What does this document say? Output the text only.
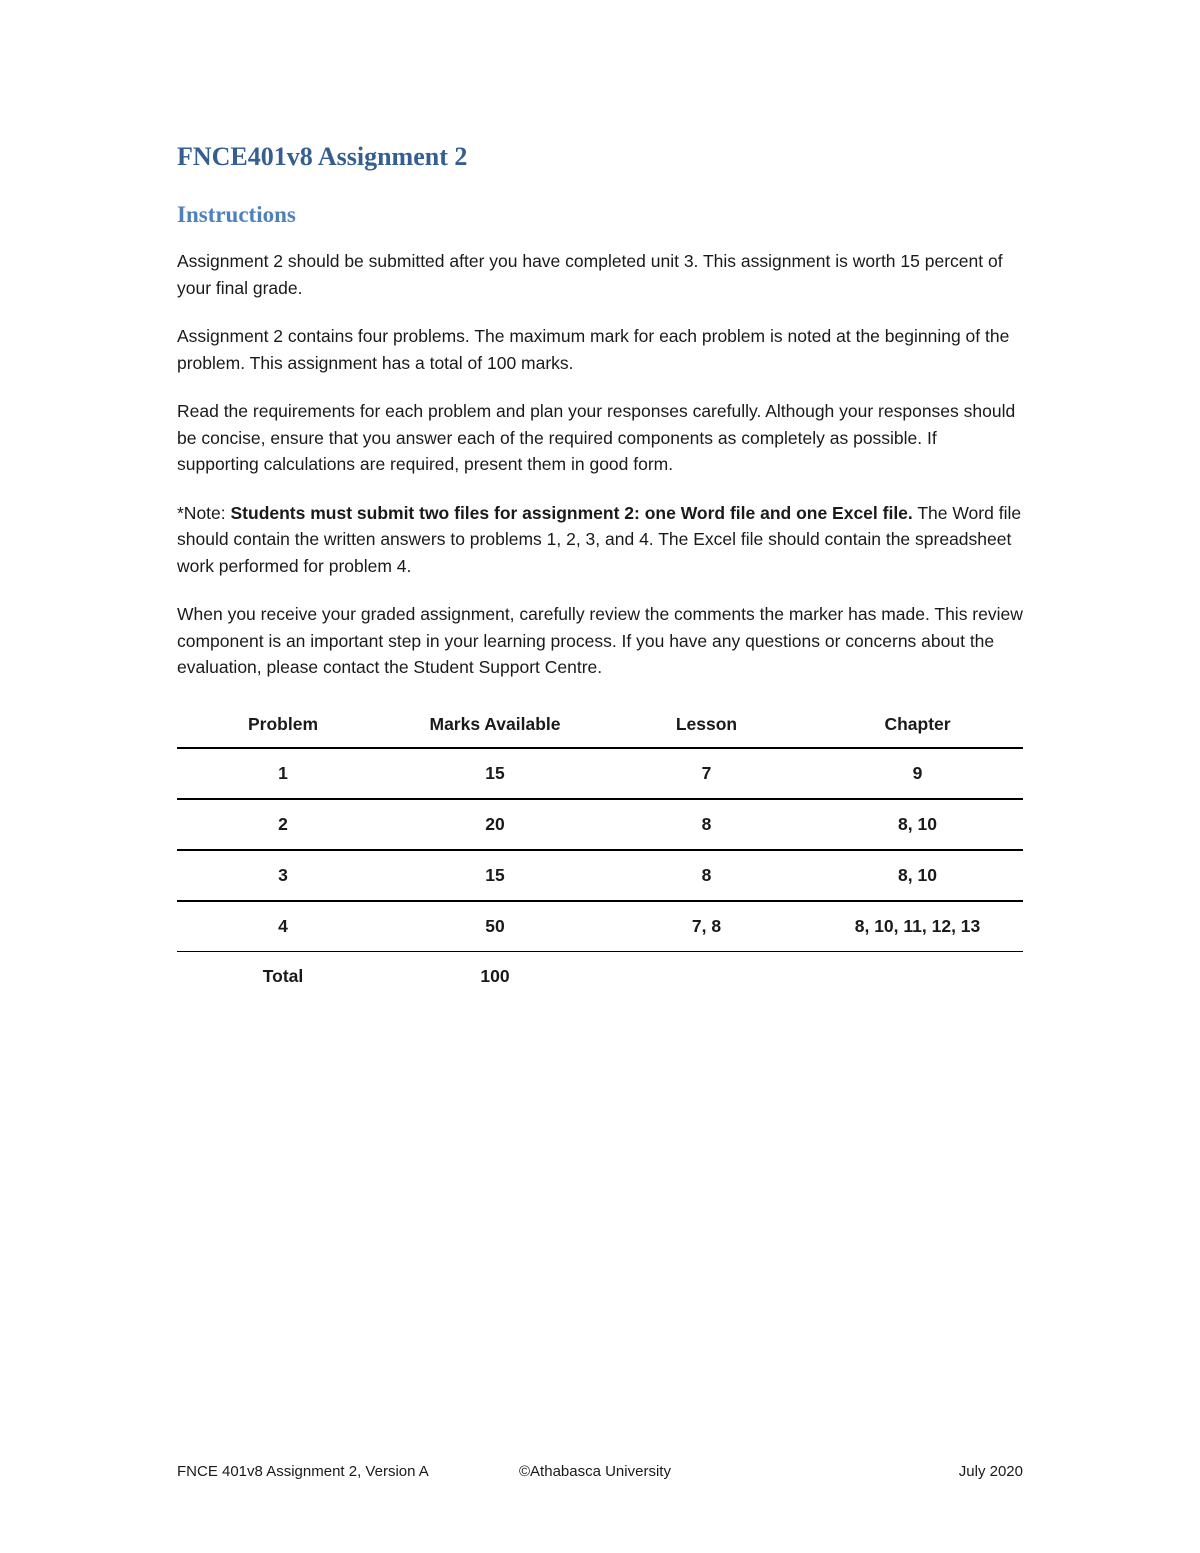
FNCE401v8 Assignment 2
Instructions

Assignment 2 should be submitted after you have completed unit 3. This assignment is worth 15 percent of your final grade.

Assignment 2 contains four problems. The maximum mark for each problem is noted at the beginning of the problem. This assignment has a total of 100 marks.

Read the requirements for each problem and plan your responses carefully. Although your responses should be concise, ensure that you answer each of the required components as completely as possible. If supporting calculations are required, present them in good form.

*Note: Students must submit two files for assignment 2: one Word file and one Excel file. The Word file should contain the written answers to problems 1, 2, 3, and 4. The Excel file should contain the spreadsheet work performed for problem 4.

When you receive your graded assignment, carefully review the comments the marker has made. This review component is an important step in your learning process. If you have any questions or concerns about the evaluation, please contact the Student Support Centre.

Problem	Marks Available	Lesson	Chapter
1	15	7	9
2	20	8	8, 10
3	15	8	8, 10
4	50	7, 8	8, 10, 11, 12, 13
Total	100		
FNCE 401v8 Assignment 2, Version A	©Athabasca University	July 2020
